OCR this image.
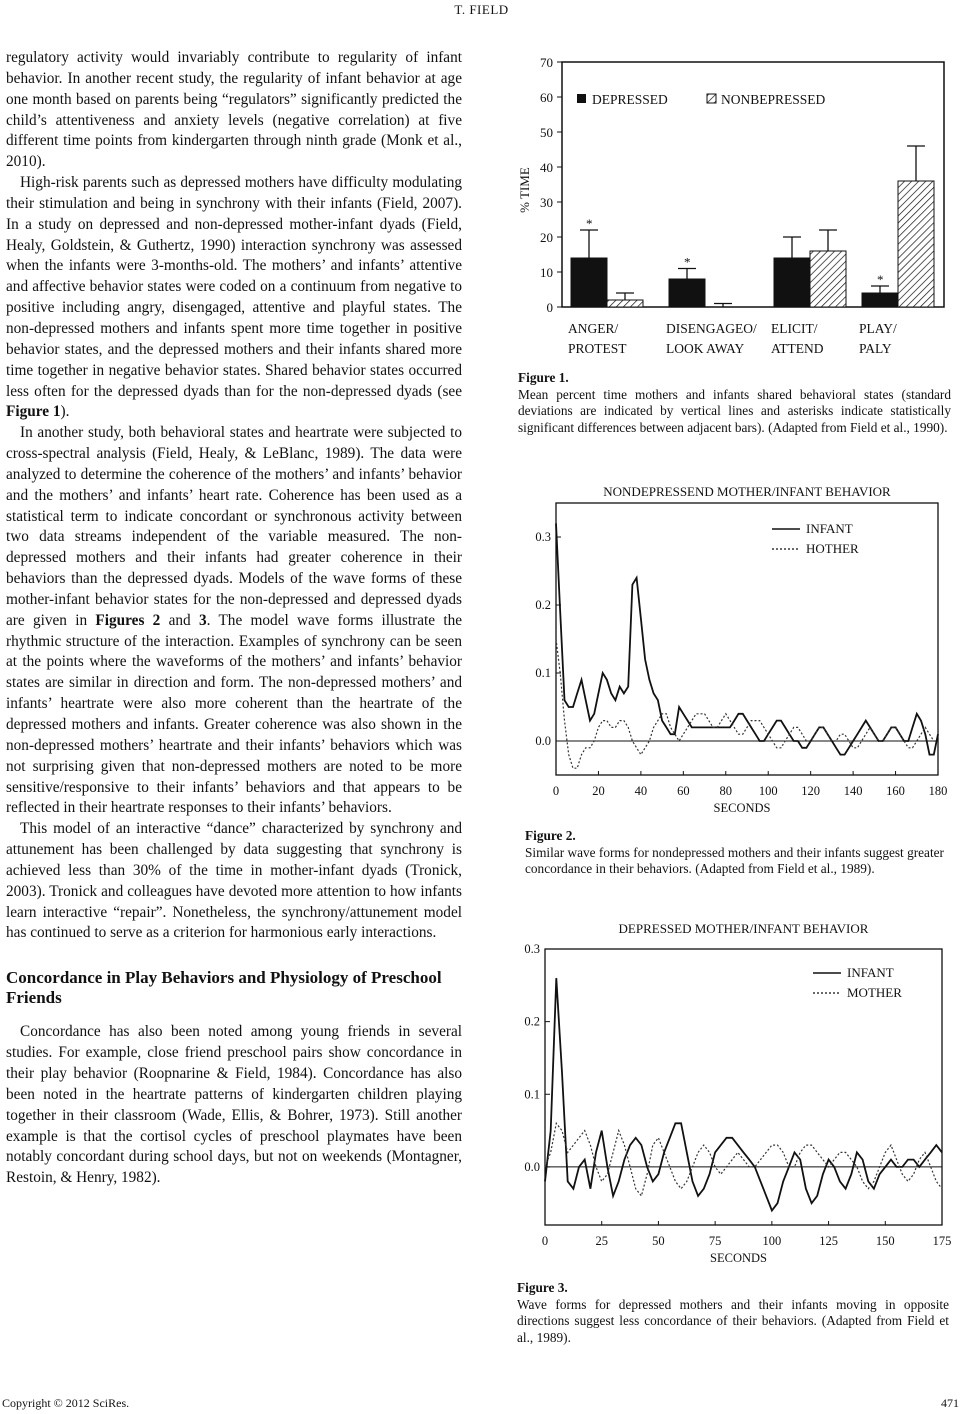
T. FIELD

regulatory activity would invariably contribute to regularity of infant behavior. In another recent study, the regularity of infant behavior at age one month based on parents being “regulators” significantly predicted the child’s attentiveness and anxiety levels (negative correlation) at five different time points from kindergarten through ninth grade (Monk et al., 2010).

High-risk parents such as depressed mothers have difficulty modulating their stimulation and being in synchrony with their infants (Field, 2007). In a study on depressed and non-depressed mother-infant dyads (Field, Healy, Goldstein, & Guthertz, 1990) interaction synchrony was assessed when the infants were 3-months-old. The mothers’ and infants’ attentive and affective behavior states were coded on a continuum from negative to positive including angry, disengaged, attentive and playful states. The non-depressed mothers and infants spent more time together in positive behavior states, and the depressed mothers and their infants shared more time together in negative behavior states. Shared behavior states occurred less often for the depressed dyads than for the non-depressed dyads (see Figure 1).

In another study, both behavioral states and heartrate were subjected to cross-spectral analysis (Field, Healy, & LeBlanc, 1989). The data were analyzed to determine the coherence of the mothers’ and infants’ behavior and the mothers’ and infants’ heart rate. Coherence has been used as a statistical term to indicate concordant or synchronous activity between two data streams independent of the variable measured. The non-depressed mothers and their infants had greater coherence in their behaviors than the depressed dyads. Models of the wave forms of these mother-infant behavior states for the non-depressed and depressed dyads are given in Figures 2 and 3. The model wave forms illustrate the rhythmic structure of the interaction. Examples of synchrony can be seen at the points where the waveforms of the mothers’ and infants’ behavior states are similar in direction and form. The non-depressed mothers’ and infants’ heartrate were also more coherent than the heartrate of the depressed mothers and infants. Greater coherence was also shown in the non-depressed mothers’ heartrate and their infants’ behaviors which was not surprising given that non-depressed mothers are noted to be more sensitive/responsive to their infants’ behaviors and that appears to be reflected in their heartrate responses to their infants’ behaviors.

This model of an interactive “dance” characterized by synchrony and attunement has been challenged by data suggesting that synchrony is achieved less than 30% of the time in mother-infant dyads (Tronick, 2003). Tronick and colleagues have devoted more attention to how infants learn interactive “repair”. Nonetheless, the synchrony/attunement model has continued to serve as a criterion for harmonious early interactions.

Concordance in Play Behaviors and Physiology of Preschool Friends

Concordance has also been noted among young friends in several studies. For example, close friend preschool pairs show concordance in their play behavior (Roopnarine & Field, 1984). Concordance has also been noted in the heartrate patterns of kindergarten children playing together in their classroom (Wade, Ellis, & Bohrer, 1973). Still another example is that the cortisol cycles of preschool playmates have been notably concordant during school days, but not on weekends (Montagner, Restoin, & Henry, 1982).

0
10
20
30
40
50
60
70
% TIME
DEPRESSED	NONBEPRESSED
*
ANGER/
PROTEST
*
DISENGAGEO/
LOOK AWAY
ELICIT/
ATTEND
*
PLAY/
PALY
Figure 1.
Mean percent time mothers and infants shared behavioral states (standard deviations are indicated by vertical lines and asterisks indicate statistically significant differences between adjacent bars). (Adapted from Field et al., 1990).
NONDEPRESSEND MOTHER/INFANT BEHAVIOR
0.0
0.1
0.2
0.3
0	20 40 60 80 100 120 140 160 180
SECONDS
INFANT
HOTHER
Figure 2.
Similar wave forms for nondepressed mothers and their infants suggest greater concordance in their behaviors. (Adapted from Field et al., 1989).
DEPRESSED MOTHER/INFANT BEHAVIOR
0.0
0.1
0.2
0.3
0	25	50	75	100	125	150	175
SECONDS
INFANT
MOTHER
Figure 3.
Wave forms for depressed mothers and their infants moving in opposite directions suggest less concordance of their behaviors. (Adapted from Field et al., 1989).
Copyright © 2012 SciRes.	471
